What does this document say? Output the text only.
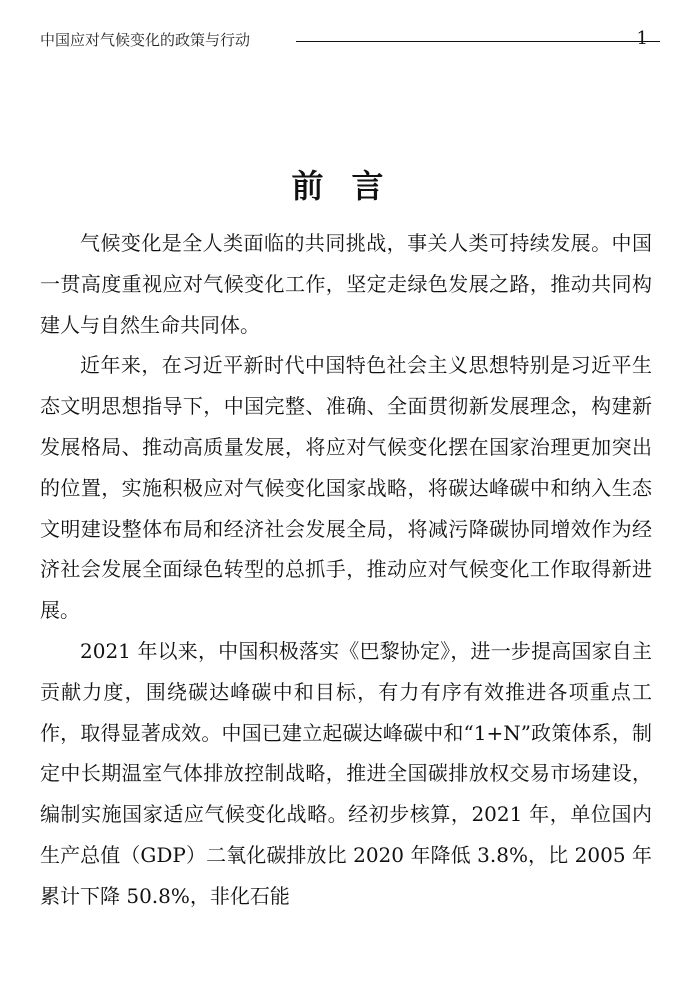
中国应对气候变化的政策与行动	1
前言

气候变化是全人类面临的共同挑战，事关人类可持续发展。中国一贯高度重视应对气候变化工作，坚定走绿色发展之路，推动共同构建人与自然生命共同体。

近年来，在习近平新时代中国特色社会主义思想特别是习近平生态文明思想指导下，中国完整、准确、全面贯彻新发展理念，构建新发展格局、推动高质量发展，将应对气候变化摆在国家治理更加突出的位置，实施积极应对气候变化国家战略，将碳达峰碳中和纳入生态文明建设整体布局和经济社会发展全局，将减污降碳协同增效作为经济社会发展全面绿色转型的总抓手，推动应对气候变化工作取得新进展。

2021 年以来，中国积极落实《巴黎协定》，进一步提高国家自主贡献力度，围绕碳达峰碳中和目标，有力有序有效推进各项重点工作，取得显著成效。中国已建立起碳达峰碳中和“1+N”政策体系，制定中长期温室气体排放控制战略，推进全国碳排放权交易市场建设，编制实施国家适应气候变化战略。经初步核算，2021 年，单位国内生产总值（GDP）二氧化碳排放比 2020 年降低 3.8%，比 2005 年累计下降 50.8%，非化石能
